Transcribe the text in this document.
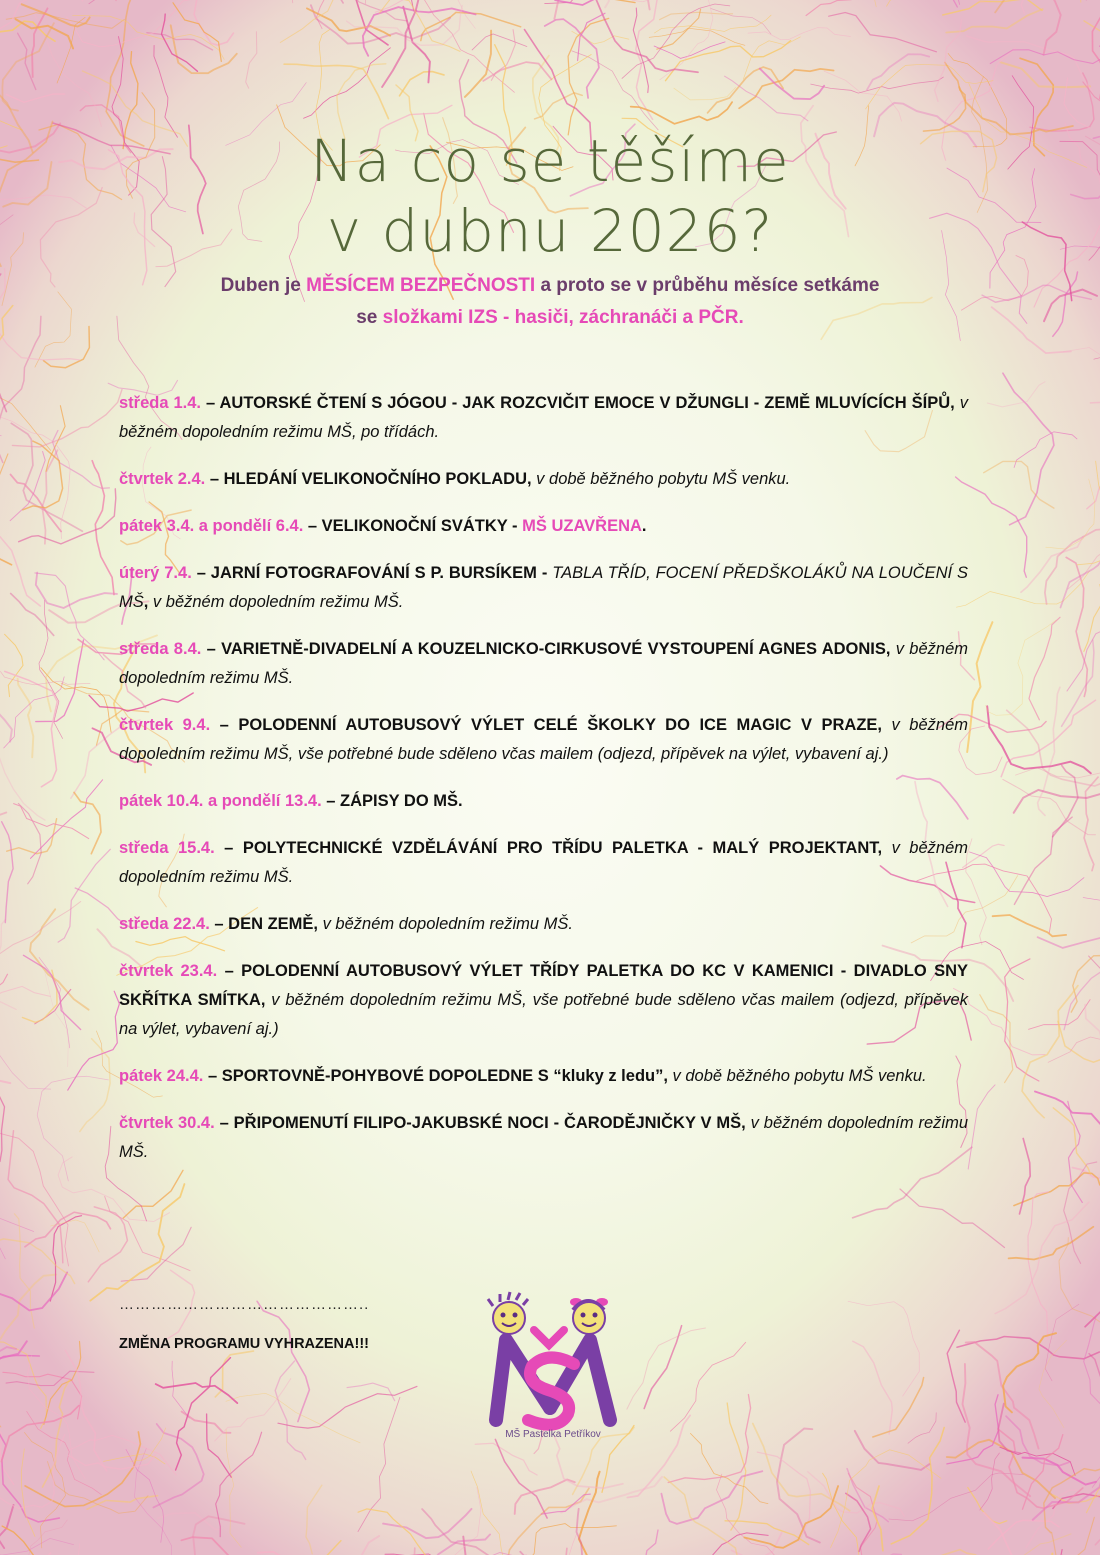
Na co se těšíme
v dubnu 2026?
Duben je MĚSÍCEM BEZPEČNOSTI a proto se v průběhu měsíce setkáme
se složkami IZS - hasiči, záchranáči a PČR.

středa 1.4. – AUTORSKÉ ČTENÍ S JÓGOU - JAK ROZCVIČIT EMOCE V DŽUNGLI - ZEMĚ MLUVÍCÍCH ŠÍPŮ, v běžném dopoledním režimu MŠ, po třídách.

čtvrtek 2.4. – HLEDÁNÍ VELIKONOČNÍHO POKLADU, v době běžného pobytu MŠ venku.

pátek 3.4. a pondělí 6.4. – VELIKONOČNÍ SVÁTKY - MŠ UZAVŘENA.

úterý 7.4. – JARNÍ FOTOGRAFOVÁNÍ S P. BURSÍKEM - TABLA TŘÍD, FOCENÍ PŘEDŠKOLÁKŮ NA LOUČENÍ S MŠ, v běžném dopoledním režimu MŠ.

středa 8.4. – VARIETNĚ-DIVADELNÍ A KOUZELNICKO-CIRKUSOVÉ VYSTOUPENÍ AGNES ADONIS, v běžném dopoledním režimu MŠ.

čtvrtek 9.4. – POLODENNÍ AUTOBUSOVÝ VÝLET CELÉ ŠKOLKY DO ICE MAGIC V PRAZE, v běžném dopoledním režimu MŠ, vše potřebné bude sděleno včas mailem (odjezd, přípěvek na výlet, vybavení aj.)

pátek 10.4. a pondělí 13.4. – ZÁPISY DO MŠ.

středa 15.4. – POLYTECHNICKÉ VZDĚLÁVÁNÍ PRO TŘÍDU PALETKA - MALÝ PROJEKTANT, v běžném dopoledním režimu MŠ.

středa 22.4. – DEN ZEMĚ, v běžném dopoledním režimu MŠ.

čtvrtek 23.4. – POLODENNÍ AUTOBUSOVÝ VÝLET TŘÍDY PALETKA DO KC V KAMENICI - DIVADLO SNY SKŘÍTKA SMÍTKA, v běžném dopoledním režimu MŠ, vše potřebné bude sděleno včas mailem (odjezd, přípěvek na výlet, vybavení aj.)

pátek 24.4. – SPORTOVNĚ-POHYBOVÉ DOPOLEDNE S “kluky z ledu”, v době běžného pobytu MŠ venku.

čtvrtek 30.4. – PŘIPOMENUTÍ FILIPO-JAKUBSKÉ NOCI - ČARODĚJNIČKY V MŠ, v běžném dopoledním režimu MŠ.

………………………………………..
ZMĚNA PROGRAMU VYHRAZENA!!!
MŠ Pastelka Petříkov
